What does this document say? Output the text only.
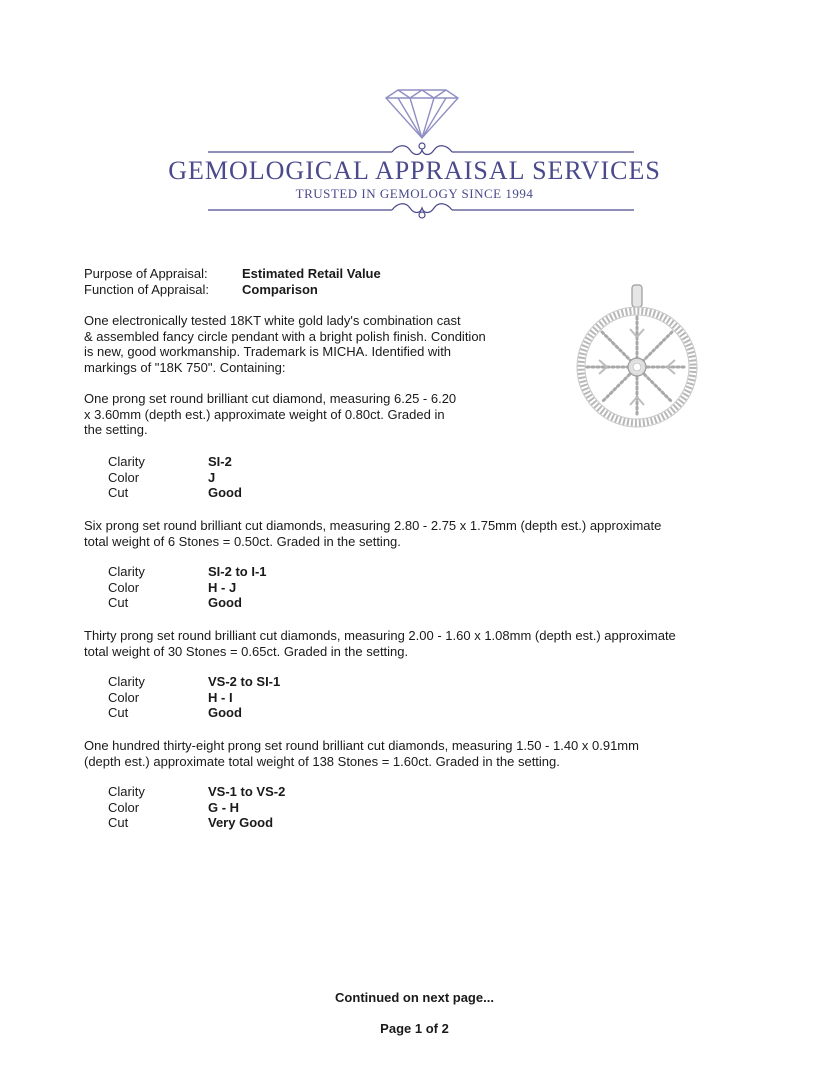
GEMOLOGICAL APPRAISAL SERVICES
TRUSTED IN GEMOLOGY SINCE 1994
Purpose of Appraisal:	Estimated Retail Value
Function of Appraisal:	Comparison
One electronically tested 18KT white gold lady's combination cast
& assembled fancy circle pendant with a bright polish finish. Condition
is new, good workmanship. Trademark is MICHA. Identified with
markings of "18K 750". Containing:
One prong set round brilliant cut diamond, measuring 6.25 - 6.20
x 3.60mm (depth est.) approximate weight of 0.80ct. Graded in
the setting.
Clarity	SI-2
Color	J
Cut	Good
Six prong set round brilliant cut diamonds, measuring 2.80 - 2.75 x 1.75mm (depth est.) approximate
total weight of 6 Stones = 0.50ct. Graded in the setting.
Clarity	SI-2 to I-1
Color	H - J
Cut	Good
Thirty prong set round brilliant cut diamonds, measuring 2.00 - 1.60 x 1.08mm (depth est.) approximate
total weight of 30 Stones = 0.65ct. Graded in the setting.
Clarity	VS-2 to SI-1
Color	H - I
Cut	Good
One hundred thirty-eight prong set round brilliant cut diamonds, measuring 1.50 - 1.40 x 0.91mm
(depth est.) approximate total weight of 138 Stones = 1.60ct. Graded in the setting.
Clarity	VS-1 to VS-2
Color	G - H
Cut	Very Good
Continued on next page...
Page 1 of 2
